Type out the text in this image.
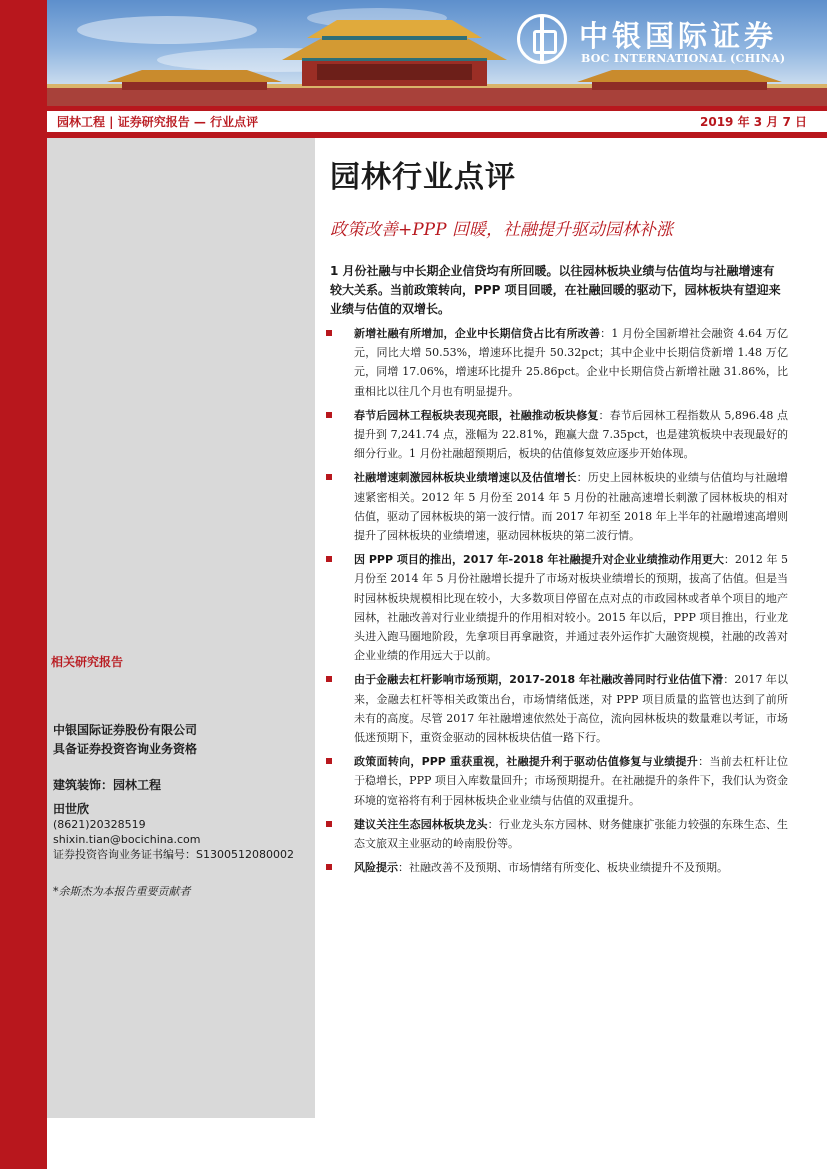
中银国际证券
BOC INTERNATIONAL (CHINA)
园林工程 | 证券研究报告 — 行业点评	2019 年 3 月 7 日
相关研究报告
中银国际证券股份有限公司
具备证券投资咨询业务资格
建筑装饰：园林工程
田世欣
(8621)20328519
shixin.tian@bocichina.com
证券投资咨询业务证书编号：S1300512080002
*余斯杰为本报告重要贡献者
园林行业点评
政策改善+PPP 回暖，社融提升驱动园林补涨
1 月份社融与中长期企业信贷均有所回暖。以往园林板块业绩与估值均与社融增速有较大关系。当前政策转向，PPP 项目回暖，在社融回暖的驱动下，园林板块有望迎来业绩与估值的双增长。
新增社融有所增加，企业中长期信贷占比有所改善：1 月份全国新增社会融资 4.64 万亿元，同比大增 50.53%，增速环比提升 50.32pct；其中企业中长期信贷新增 1.48 万亿元，同增 17.06%，增速环比提升 25.86pct。企业中长期信贷占新增社融 31.86%，比重相比以往几个月也有明显提升。
春节后园林工程板块表现亮眼，社融推动板块修复：春节后园林工程指数从 5,896.48 点提升到 7,241.74 点，涨幅为 22.81%，跑赢大盘 7.35pct，也是建筑板块中表现最好的细分行业。1 月份社融超预期后，板块的估值修复效应逐步开始体现。
社融增速刺激园林板块业绩增速以及估值增长：历史上园林板块的业绩与估值均与社融增速紧密相关。2012 年 5 月份至 2014 年 5 月份的社融高速增长刺激了园林板块的相对估值，驱动了园林板块的第一波行情。而 2017 年初至 2018 年上半年的社融增速高增则提升了园林板块的业绩增速，驱动园林板块的第二波行情。
因 PPP 项目的推出，2017 年-2018 年社融提升对企业业绩推动作用更大：2012 年 5 月份至 2014 年 5 月份社融增长提升了市场对板块业绩增长的预期，拔高了估值。但是当时园林板块规模相比现在较小，大多数项目停留在点对点的市政园林或者单个项目的地产园林，社融改善对行业业绩提升的作用相对较小。2015 年以后，PPP 项目推出，行业龙头进入跑马圈地阶段，先拿项目再拿融资，并通过表外运作扩大融资规模，社融的改善对企业业绩的作用远大于以前。
由于金融去杠杆影响市场预期，2017-2018 年社融改善同时行业估值下滑：2017 年以来，金融去杠杆等相关政策出台，市场情绪低迷，对 PPP 项目质量的监管也达到了前所未有的高度。尽管 2017 年社融增速依然处于高位，流向园林板块的数量难以考证，市场低迷预期下，重资金驱动的园林板块估值一路下行。
政策面转向，PPP 重获重视，社融提升利于驱动估值修复与业绩提升：当前去杠杆让位于稳增长，PPP 项目入库数量回升；市场预期提升。在社融提升的条件下，我们认为资金环境的宽裕将有利于园林板块企业业绩与估值的双重提升。
建议关注生态园林板块龙头：行业龙头东方园林、财务健康扩张能力较强的东珠生态、生态文旅双主业驱动的岭南股份等。
风险提示：社融改善不及预期、市场情绪有所变化、板块业绩提升不及预期。
